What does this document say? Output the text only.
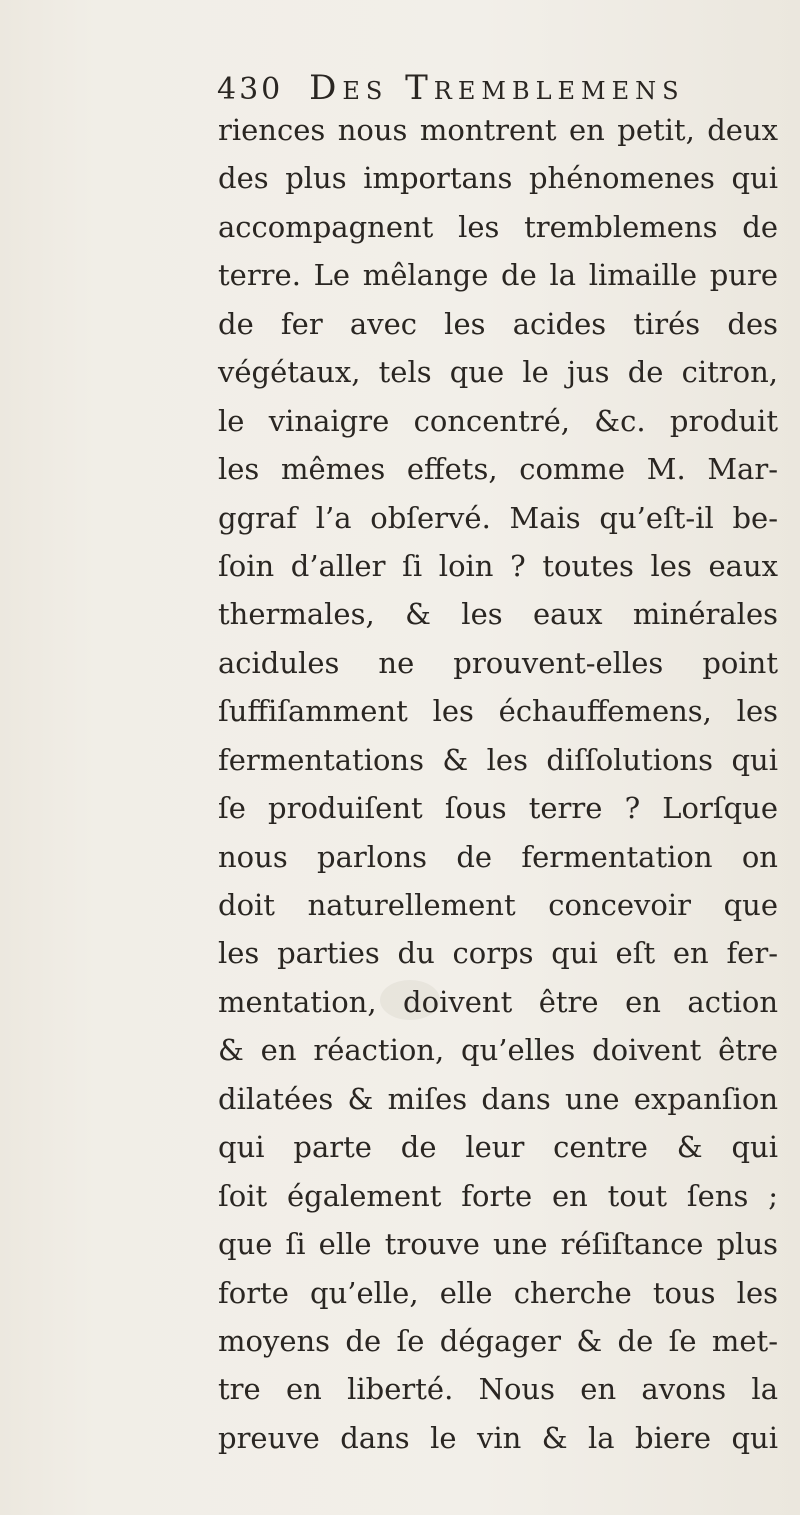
430 Des Tremblemens
riences nous montrent en petit, deux
des plus importans phénomenes qui
accompagnent les tremblemens de
terre. Le mêlange de la limaille pure
de fer avec les acides tirés des
végétaux, tels que le jus de citron,
le vinaigre concentré, &c. produit
les mêmes effets, comme M. Mar-
ggraf l’a obſervé. Mais qu’eſt-il be-
ſoin d’aller ſi loin ? toutes les eaux
thermales, & les eaux minérales
acidules ne prouvent-elles point
ſuffiſamment les échauffemens, les
fermentations & les diſſolutions qui
ſe produiſent ſous terre ? Lorſque
nous parlons de fermentation on
doit naturellement concevoir que
les parties du corps qui eſt en fer-
mentation, doivent être en action
& en réaction, qu’elles doivent être
dilatées & miſes dans une expanſion
qui parte de leur centre & qui
ſoit également forte en tout ſens ;
que ſi elle trouve une réſiſtance plus
forte qu’elle, elle cherche tous les
moyens de ſe dégager & de ſe met-
tre en liberté. Nous en avons la
preuve dans le vin & la biere qui
